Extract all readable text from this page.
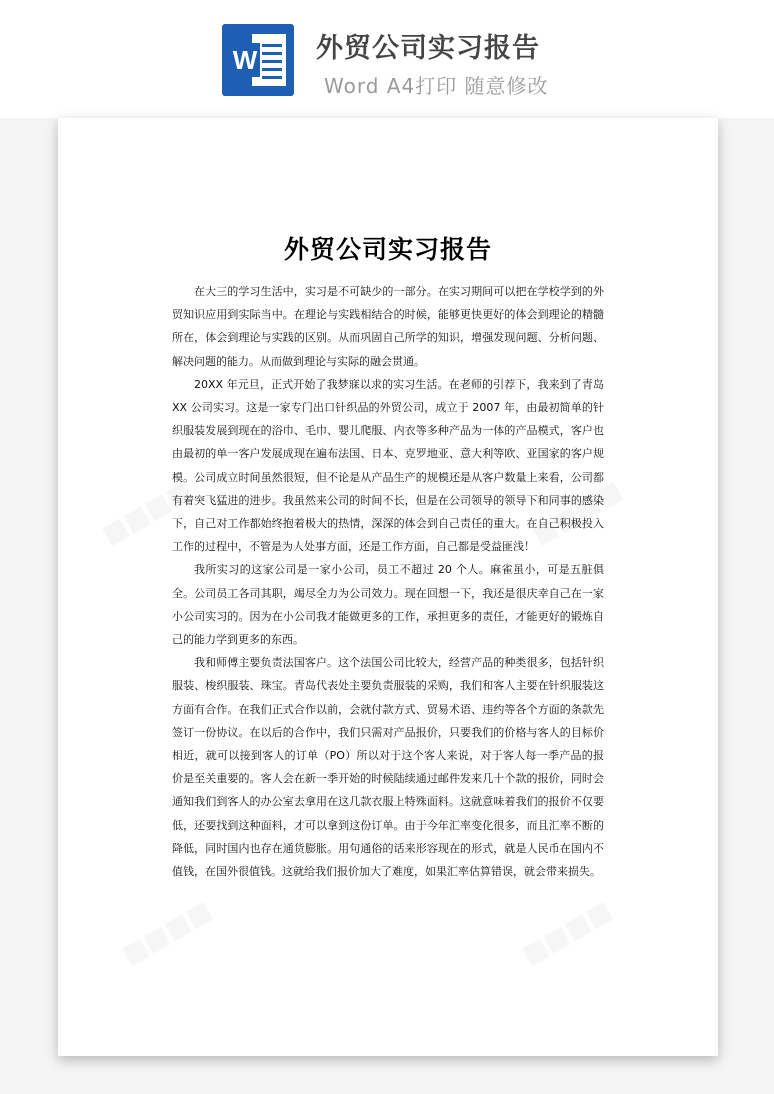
W 外贸公司实习报告
Word A4打印 随意修改
外贸公司实习报告

在大三的学习生活中，实习是不可缺少的一部分。在实习期间可以把在学校学到的外贸知识应用到实际当中。在理论与实践相结合的时候，能够更快更好的体会到理论的精髓所在，体会到理论与实践的区别。从而巩固自己所学的知识，增强发现问题、分析问题、解决问题的能力。从而做到理论与实际的融会贯通。

20XX 年元旦，正式开始了我梦寐以求的实习生活。在老师的引荐下，我来到了青岛 XX 公司实习。这是一家专门出口针织品的外贸公司，成立于 2007 年，由最初简单的针织服装发展到现在的浴巾、毛巾、婴儿爬服、内衣等多种产品为一体的产品模式，客户也由最初的单一客户发展成现在遍布法国、日本、克罗地亚、意大利等欧、亚国家的客户规模。公司成立时间虽然很短，但不论是从产品生产的规模还是从客户数量上来看，公司都有着突飞猛进的进步。我虽然来公司的时间不长，但是在公司领导的领导下和同事的感染下，自己对工作都始终抱着极大的热情，深深的体会到自己责任的重大。在自己积极投入工作的过程中，不管是为人处事方面，还是工作方面，自己都是受益匪浅！

我所实习的这家公司是一家小公司，员工不超过 20 个人。麻雀虽小，可是五脏俱全。公司员工各司其职，竭尽全力为公司效力。现在回想一下，我还是很庆幸自己在一家小公司实习的。因为在小公司我才能做更多的工作，承担更多的责任，才能更好的锻炼自己的能力学到更多的东西。

我和师傅主要负责法国客户。这个法国公司比较大，经营产品的种类很多，包括针织服装、梭织服装、珠宝。青岛代表处主要负责服装的采购，我们和客人主要在针织服装这方面有合作。在我们正式合作以前，会就付款方式、贸易术语、违约等各个方面的条款先签订一份协议。在以后的合作中，我们只需对产品报价，只要我们的价格与客人的目标价相近，就可以接到客人的订单（PO）所以对于这个客人来说，对于客人每一季产品的报价是至关重要的。客人会在新一季开始的时候陆续通过邮件发来几十个款的报价，同时会通知我们到客人的办公室去拿用在这几款衣服上特殊面料。这就意味着我们的报价不仅要低，还要找到这种面料，才可以拿到这份订单。由于今年汇率变化很多，而且汇率不断的降低，同时国内也存在通货膨胀。用句通俗的话来形容现在的形式，就是人民币在国内不值钱，在国外很值钱。这就给我们报价加大了难度，如果汇率估算错误，就会带来损失。
